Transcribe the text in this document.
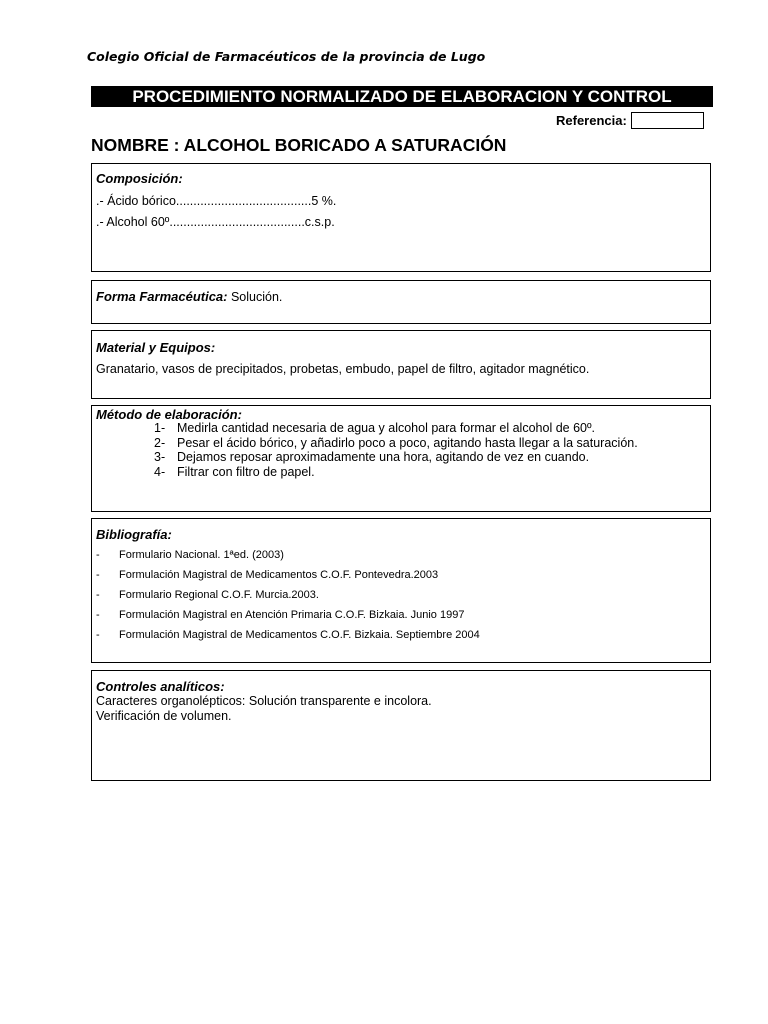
Colegio Oficial de Farmacéuticos de la provincia de Lugo
PROCEDIMIENTO NORMALIZADO DE ELABORACION Y CONTROL
Referencia:
NOMBRE : ALCOHOL BORICADO A SATURACIÓN
Composición:
.- Ácido bórico.......................................5 %.
.- Alcohol 60º.......................................c.s.p.
Forma Farmacéutica: Solución.
Material y Equipos:
Granatario, vasos de precipitados, probetas, embudo, papel de filtro, agitador magnético.
Método de elaboración:
1- Medirla cantidad necesaria de agua y alcohol para formar el alcohol de 60º.
2- Pesar el ácido bórico, y añadirlo poco a poco, agitando hasta llegar a la saturación.
3- Dejamos reposar aproximadamente una hora, agitando de vez en cuando.
4- Filtrar con filtro de papel.
Bibliografía:
- Formulario Nacional. 1ªed. (2003)
- Formulación Magistral de Medicamentos C.O.F. Pontevedra.2003
- Formulario Regional C.O.F. Murcia.2003.
- Formulación Magistral en Atención Primaria C.O.F. Bizkaia. Junio 1997
- Formulación Magistral de Medicamentos C.O.F. Bizkaia. Septiembre 2004
Controles analíticos:
Caracteres organolépticos: Solución transparente e incolora.
Verificación de volumen.
